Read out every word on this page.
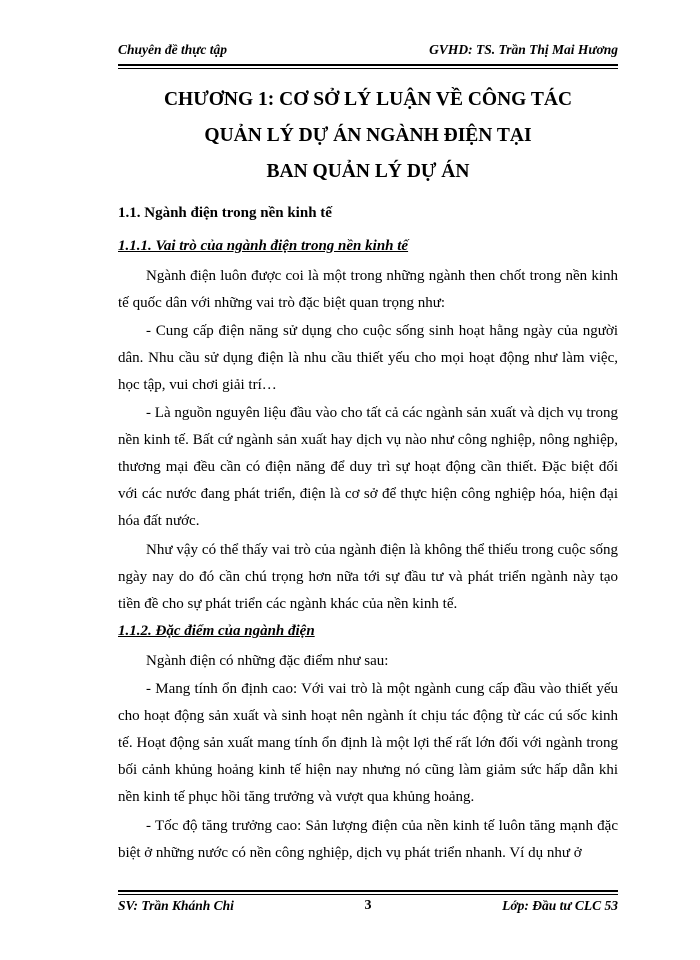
Chuyên đề thực tập	GVHD: TS. Trần Thị Mai Hương
CHƯƠNG 1: CƠ SỞ LÝ LUẬN VỀ CÔNG TÁC
QUẢN LÝ DỰ ÁN NGÀNH ĐIỆN TẠI
BAN QUẢN LÝ DỰ ÁN
1.1. Ngành điện trong nền kinh tế
1.1.1. Vai trò của ngành điện trong nền kinh tế

Ngành điện luôn được coi là một trong những ngành then chốt trong nền kinh tế quốc dân với những vai trò đặc biệt quan trọng như:

- Cung cấp điện năng sử dụng cho cuộc sống sinh hoạt hằng ngày của người dân. Nhu cầu sử dụng điện là nhu cầu thiết yếu cho mọi hoạt động như làm việc, học tập, vui chơi giải trí…

- Là nguồn nguyên liệu đầu vào cho tất cả các ngành sản xuất và dịch vụ trong nền kinh tế. Bất cứ ngành sản xuất hay dịch vụ nào như công nghiệp, nông nghiệp, thương mại đều cần có điện năng để duy trì sự hoạt động cần thiết. Đặc biệt đối với các nước đang phát triển, điện là cơ sở để thực hiện công nghiệp hóa, hiện đại hóa đất nước.

Như vậy có thể thấy vai trò của ngành điện là không thể thiếu trong cuộc sống ngày nay do đó cần chú trọng hơn nữa tới sự đầu tư và phát triển ngành này tạo tiền đề cho sự phát triển các ngành khác của nền kinh tế.

1.1.2. Đặc điểm của ngành điện

Ngành điện có những đặc điểm như sau:

- Mang tính ổn định cao: Với vai trò là một ngành cung cấp đầu vào thiết yếu cho hoạt động sản xuất và sinh hoạt nên ngành ít chịu tác động từ các cú sốc kinh tế. Hoạt động sản xuất mang tính ổn định là một lợi thế rất lớn đối với ngành trong bối cảnh khủng hoảng kinh tế hiện nay nhưng nó cũng làm giảm sức hấp dẫn khi nền kinh tế phục hồi tăng trưởng và vượt qua khủng hoảng.

- Tốc độ tăng trưởng cao: Sản lượng điện của nền kinh tế luôn tăng mạnh đặc biệt ở những nước có nền công nghiệp, dịch vụ phát triển nhanh. Ví dụ như ở

SV: Trần Khánh Chi	3	Lớp: Đầu tư CLC 53
